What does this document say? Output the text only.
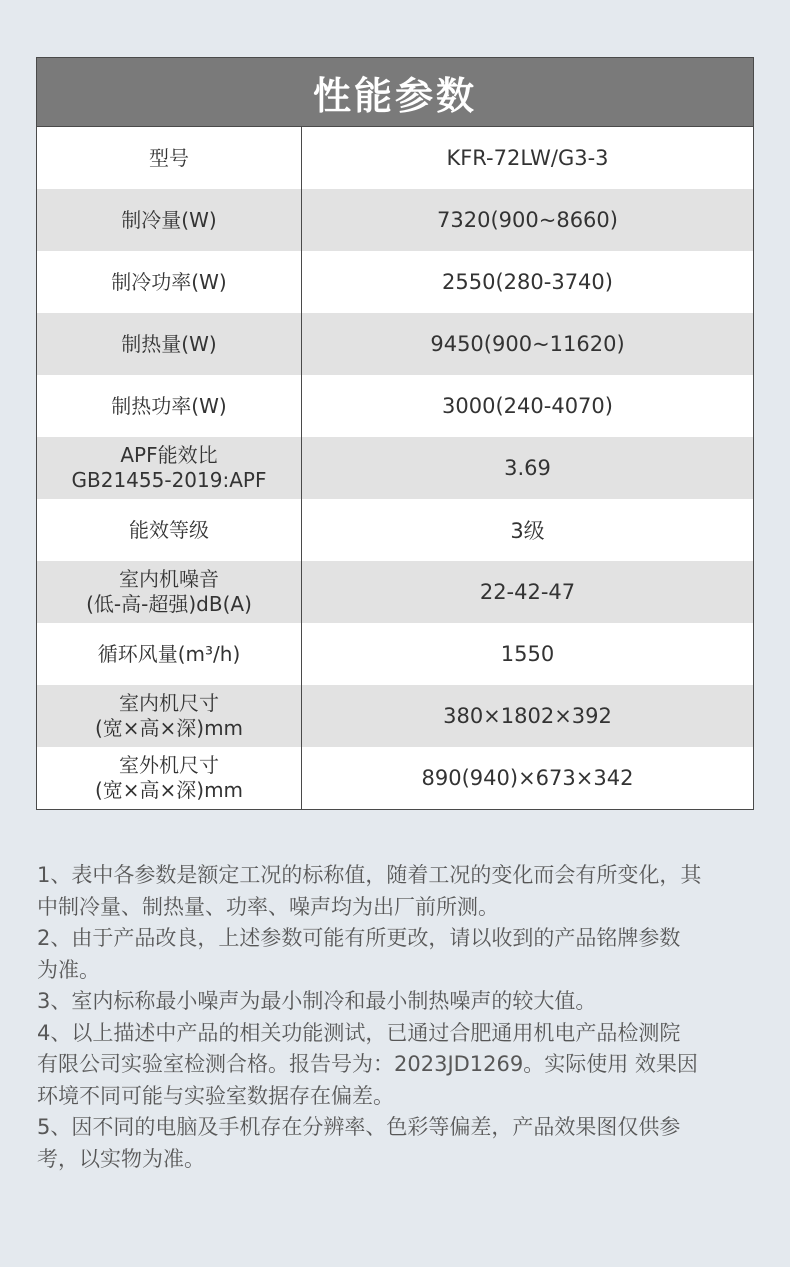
性能参数
型号	KFR-72LW/G3-3
制冷量(W)	7320(900~8660)
制冷功率(W)	2550(280-3740)
制热量(W)	9450(900~11620)
制热功率(W)	3000(240-4070)
APF能效比
GB21455-2019:APF	3.69
能效等级	3级
室内机噪音
(低-高-超强)dB(A)	22-42-47
循环风量(m³/h)	1550
室内机尺寸
(宽×高×深)mm	380×1802×392
室外机尺寸
(宽×高×深)mm	890(940)×673×342

1、表中各参数是额定工况的标称值，随着工况的变化而会有所变化，其

中制冷量、制热量、功率、噪声均为出厂前所测。

2、由于产品改良，上述参数可能有所更改，请以收到的产品铭牌参数

为准。

3、室内标称最小噪声为最小制冷和最小制热噪声的较大值。

4、以上描述中产品的相关功能测试，已通过合肥通用机电产品检测院

有限公司实验室检测合格。报告号为：2023JD1269。实际使用 效果因

环境不同可能与实验室数据存在偏差。

5、因不同的电脑及手机存在分辨率、色彩等偏差，产品效果图仅供参

考，以实物为准。
